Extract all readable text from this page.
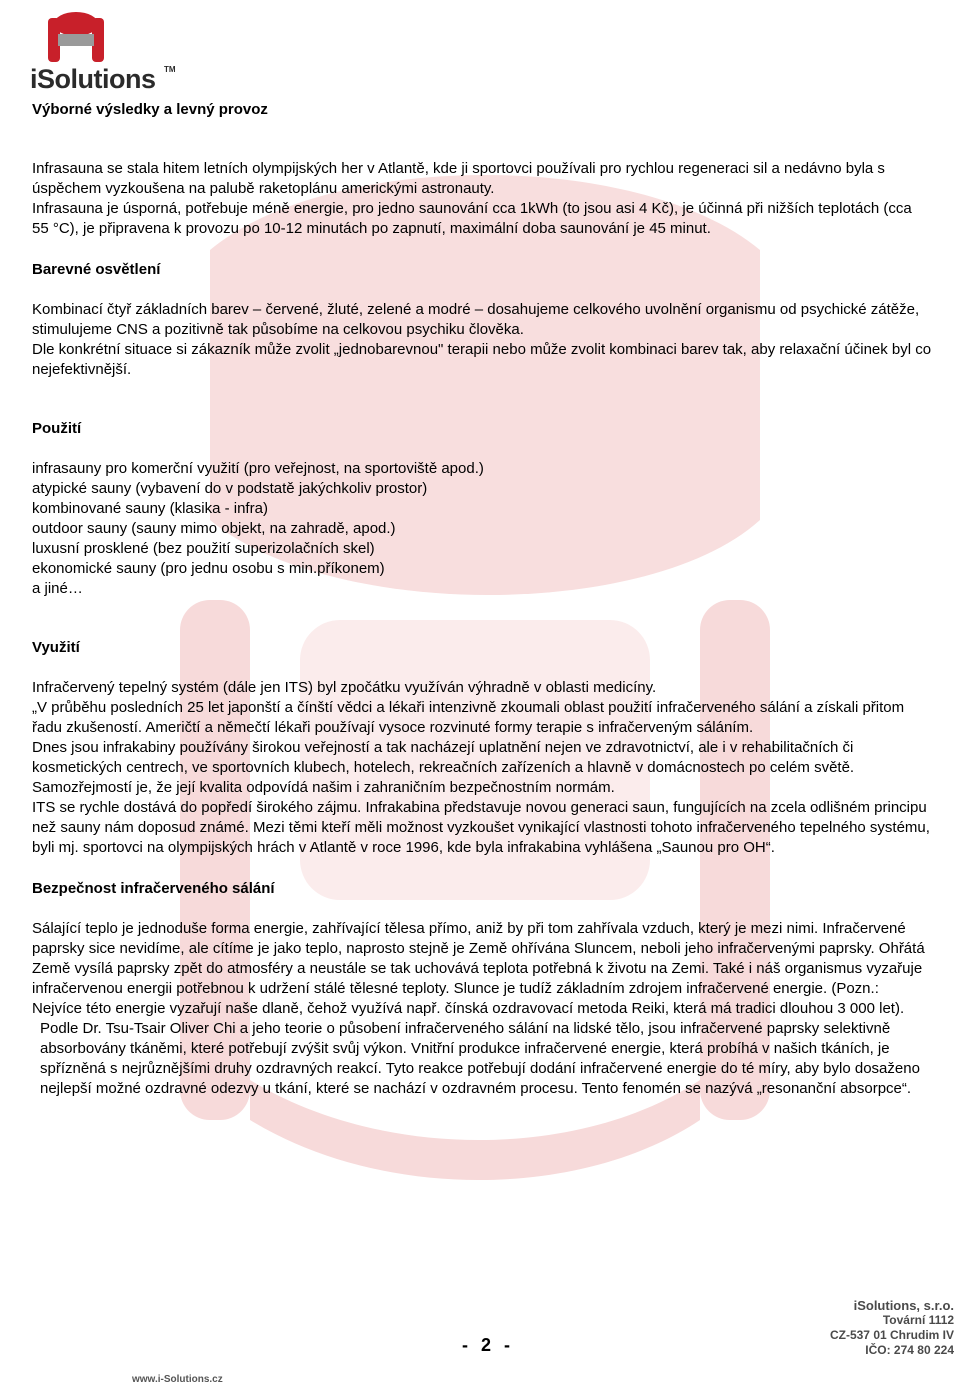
iSolutions TM
Výborné výsledky a levný provoz

Infrasauna se stala hitem letních olympijských her v Atlantě, kde ji sportovci používali pro rychlou regeneraci sil a nedávno byla s úspěchem vyzkoušena na palubě raketoplánu americkými astronauty.

Infrasauna je úsporná, potřebuje méně energie, pro jedno saunování cca 1kWh (to jsou asi 4 Kč), je účinná při nižších teplotách (cca 55 °C), je připravena k provozu po 10-12 minutách po zapnutí, maximální doba saunování je 45 minut.

Barevné osvětlení

Kombinací čtyř základních barev – červené, žluté, zelené a modré – dosahujeme celkového uvolnění organismu od psychické zátěže, stimulujeme CNS a pozitivně tak působíme na celkovou psychiku člověka.

Dle konkrétní situace si zákazník může zvolit „jednobarevnou" terapii nebo může zvolit kombinaci barev tak, aby relaxační účinek byl co nejefektivnější.

Použití

infrasauny pro komerční využití (pro veřejnost, na sportoviště apod.)

atypické sauny (vybavení do v podstatě jakýchkoliv prostor)

kombinované sauny (klasika - infra)

outdoor sauny (sauny mimo objekt, na zahradě, apod.)

luxusní prosklené (bez použití superizolačních skel)

ekonomické sauny (pro jednu osobu s min.příkonem)

a jiné…

Využití

Infračervený tepelný systém (dále jen ITS) byl zpočátku využíván výhradně v oblasti medicíny.

„V průběhu posledních 25 let japonští a čínští vědci a lékaři intenzivně zkoumali oblast použití infračerveného sálání a získali přitom řadu zkušeností. Američtí a němečtí lékaři používají vysoce rozvinuté formy terapie s infračerveným sáláním.

Dnes jsou infrakabiny používány širokou veřejností a tak nacházejí uplatnění nejen ve zdravotnictví, ale i v rehabilitačních či kosmetických centrech, ve sportovních klubech, hotelech, rekreačních zařízeních a hlavně v domácnostech po celém světě. Samozřejmostí je, že její kvalita odpovídá našim i zahraničním bezpečnostním normám.

ITS se rychle dostává do popředí širokého zájmu. Infrakabina představuje novou generaci saun, fungujících na zcela odlišném principu než sauny nám doposud známé. Mezi těmi kteří měli možnost vyzkoušet vynikající vlastnosti tohoto infračerveného tepelného systému, byli mj. sportovci na olympijských hrách v Atlantě v roce 1996, kde byla infrakabina vyhlášena „Saunou pro OH“.

Bezpečnost infračerveného sálání

Sálající teplo je jednoduše forma energie, zahřívající tělesa přímo, aniž by při tom zahřívala vzduch, který je mezi nimi. Infračervené paprsky sice nevidíme, ale cítíme je jako teplo, naprosto stejně je Země ohřívána Sluncem, neboli jeho infračervenými paprsky. Ohřátá Země vysílá paprsky zpět do atmosféry a neustále se tak uchovává teplota potřebná k životu na Zemi. Také i náš organismus vyzařuje infračervenou energii potřebnou k udržení stálé tělesné teploty. Slunce je tudíž základním zdrojem infračervené energie. (Pozn.: Nejvíce této energie vyzařují naše dlaně, čehož využívá např. čínská ozdravovací metoda Reiki, která má tradici dlouhou 3 000 let).

Podle Dr. Tsu-Tsair Oliver Chi a jeho teorie o působení infračerveného sálání na lidské tělo, jsou infračervené paprsky selektivně absorbovány tkáněmi, které potřebují zvýšit svůj výkon. Vnitřní produkce infračervené energie, která probíhá v našich tkáních, je spřízněná s nejrůznějšími druhy ozdravných reakcí. Tyto reakce potřebují dodání infračervené energie do té míry, aby bylo dosaženo nejlepší možné ozdravné odezvy u tkání, které se nachází v ozdravném procesu. Tento fenomén se nazývá „resonanční absorpce“.

iSolutions, s.r.o.
Tovární 1112
CZ-537 01 Chrudim IV
IČO: 274 80 224
- 2 -
www.i-Solutions.cz
